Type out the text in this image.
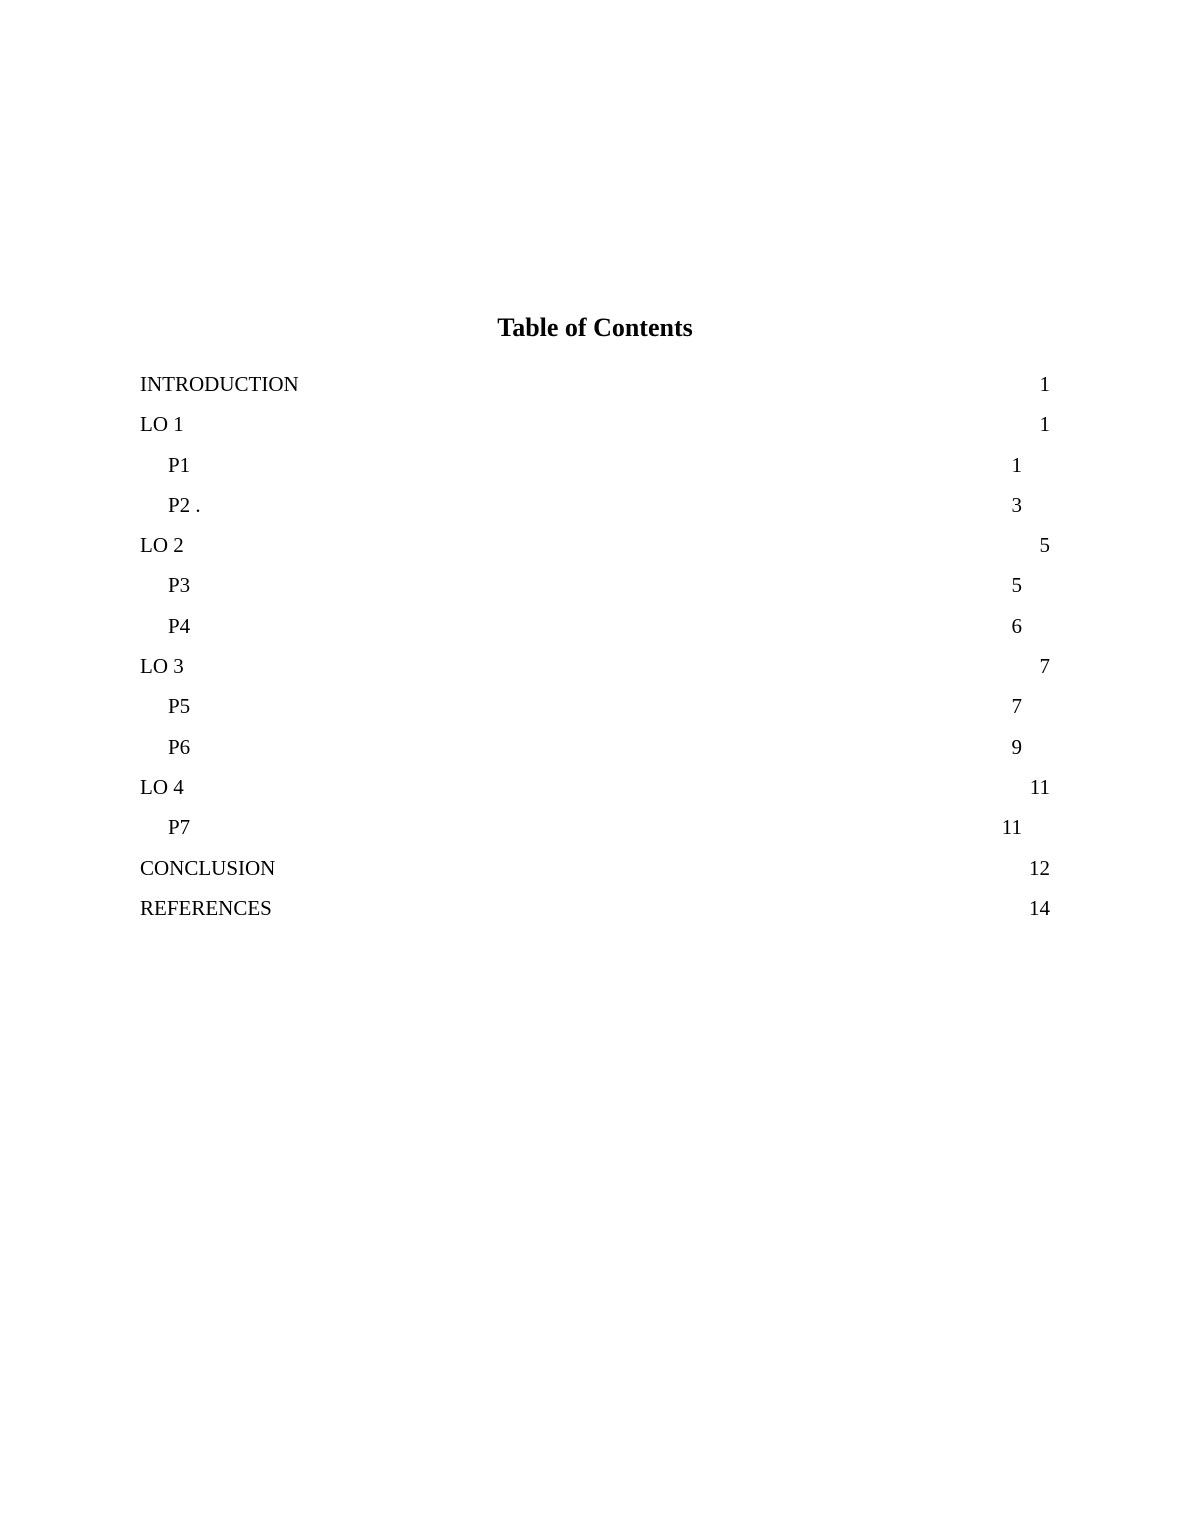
Table of Contents
INTRODUCTION	1
LO 1	1
P1	1
P2 .	3
LO 2	5
P3	5
P4	6
LO 3	7
P5	7
P6	9
LO 4	11
P7	11
CONCLUSION	12
REFERENCES	14
